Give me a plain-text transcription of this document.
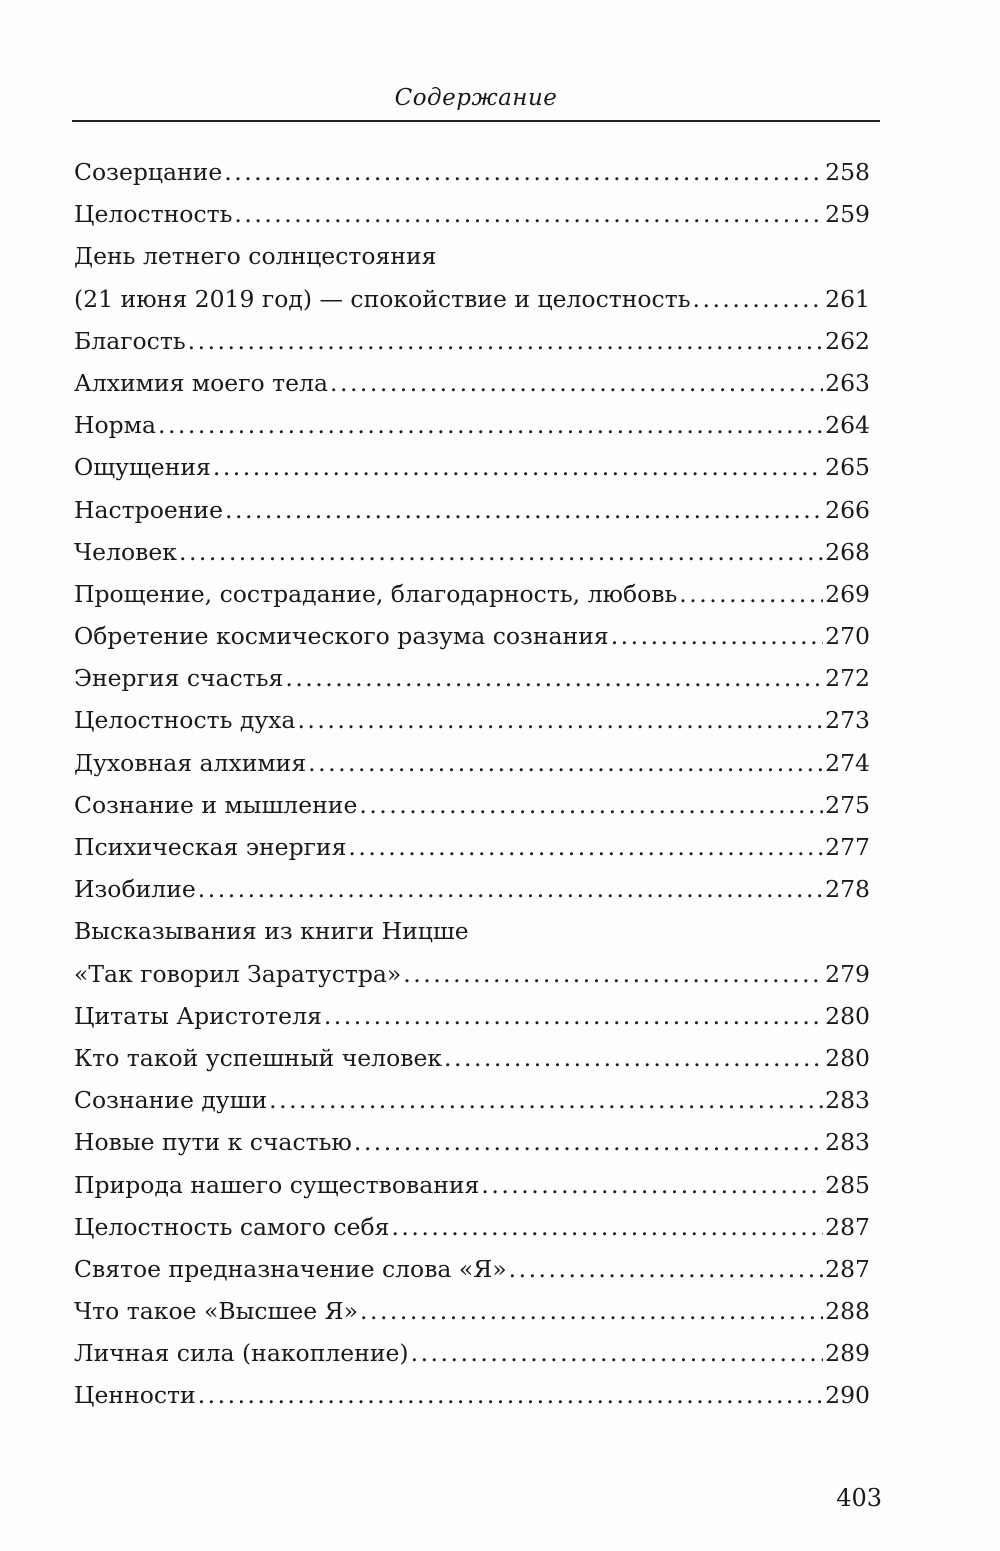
Содержание
Созерцание .....	258
Целостность .....	259
День летнего солнцестояния
(21 июня 2019 год) — спокойствие и целостность .....	261
Благость .....	262
Алхимия моего тела .....	263
Норма .....	264
Ощущения .....	265
Настроение .....	266
Человек .....	268
Прощение, сострадание, благодарность, любовь .....	269
Обретение космического разума сознания .....	270
Энергия счастья .....	272
Целостность духа .....	273
Духовная алхимия .....	274
Сознание и мышление .....	275
Психическая энергия .....	277
Изобилие .....	278
Высказывания из книги Ницше
«Так говорил Заратустра» .....	279
Цитаты Аристотеля .....	280
Кто такой успешный человек .....	280
Сознание души .....	283
Новые пути к счастью .....	283
Природа нашего существования .....	285
Целостность самого себя .....	287
Святое предназначение слова «Я» .....	287
Что такое «Высшее Я» .....	288
Личная сила (накопление) .....	289
Ценности .....	290
403
